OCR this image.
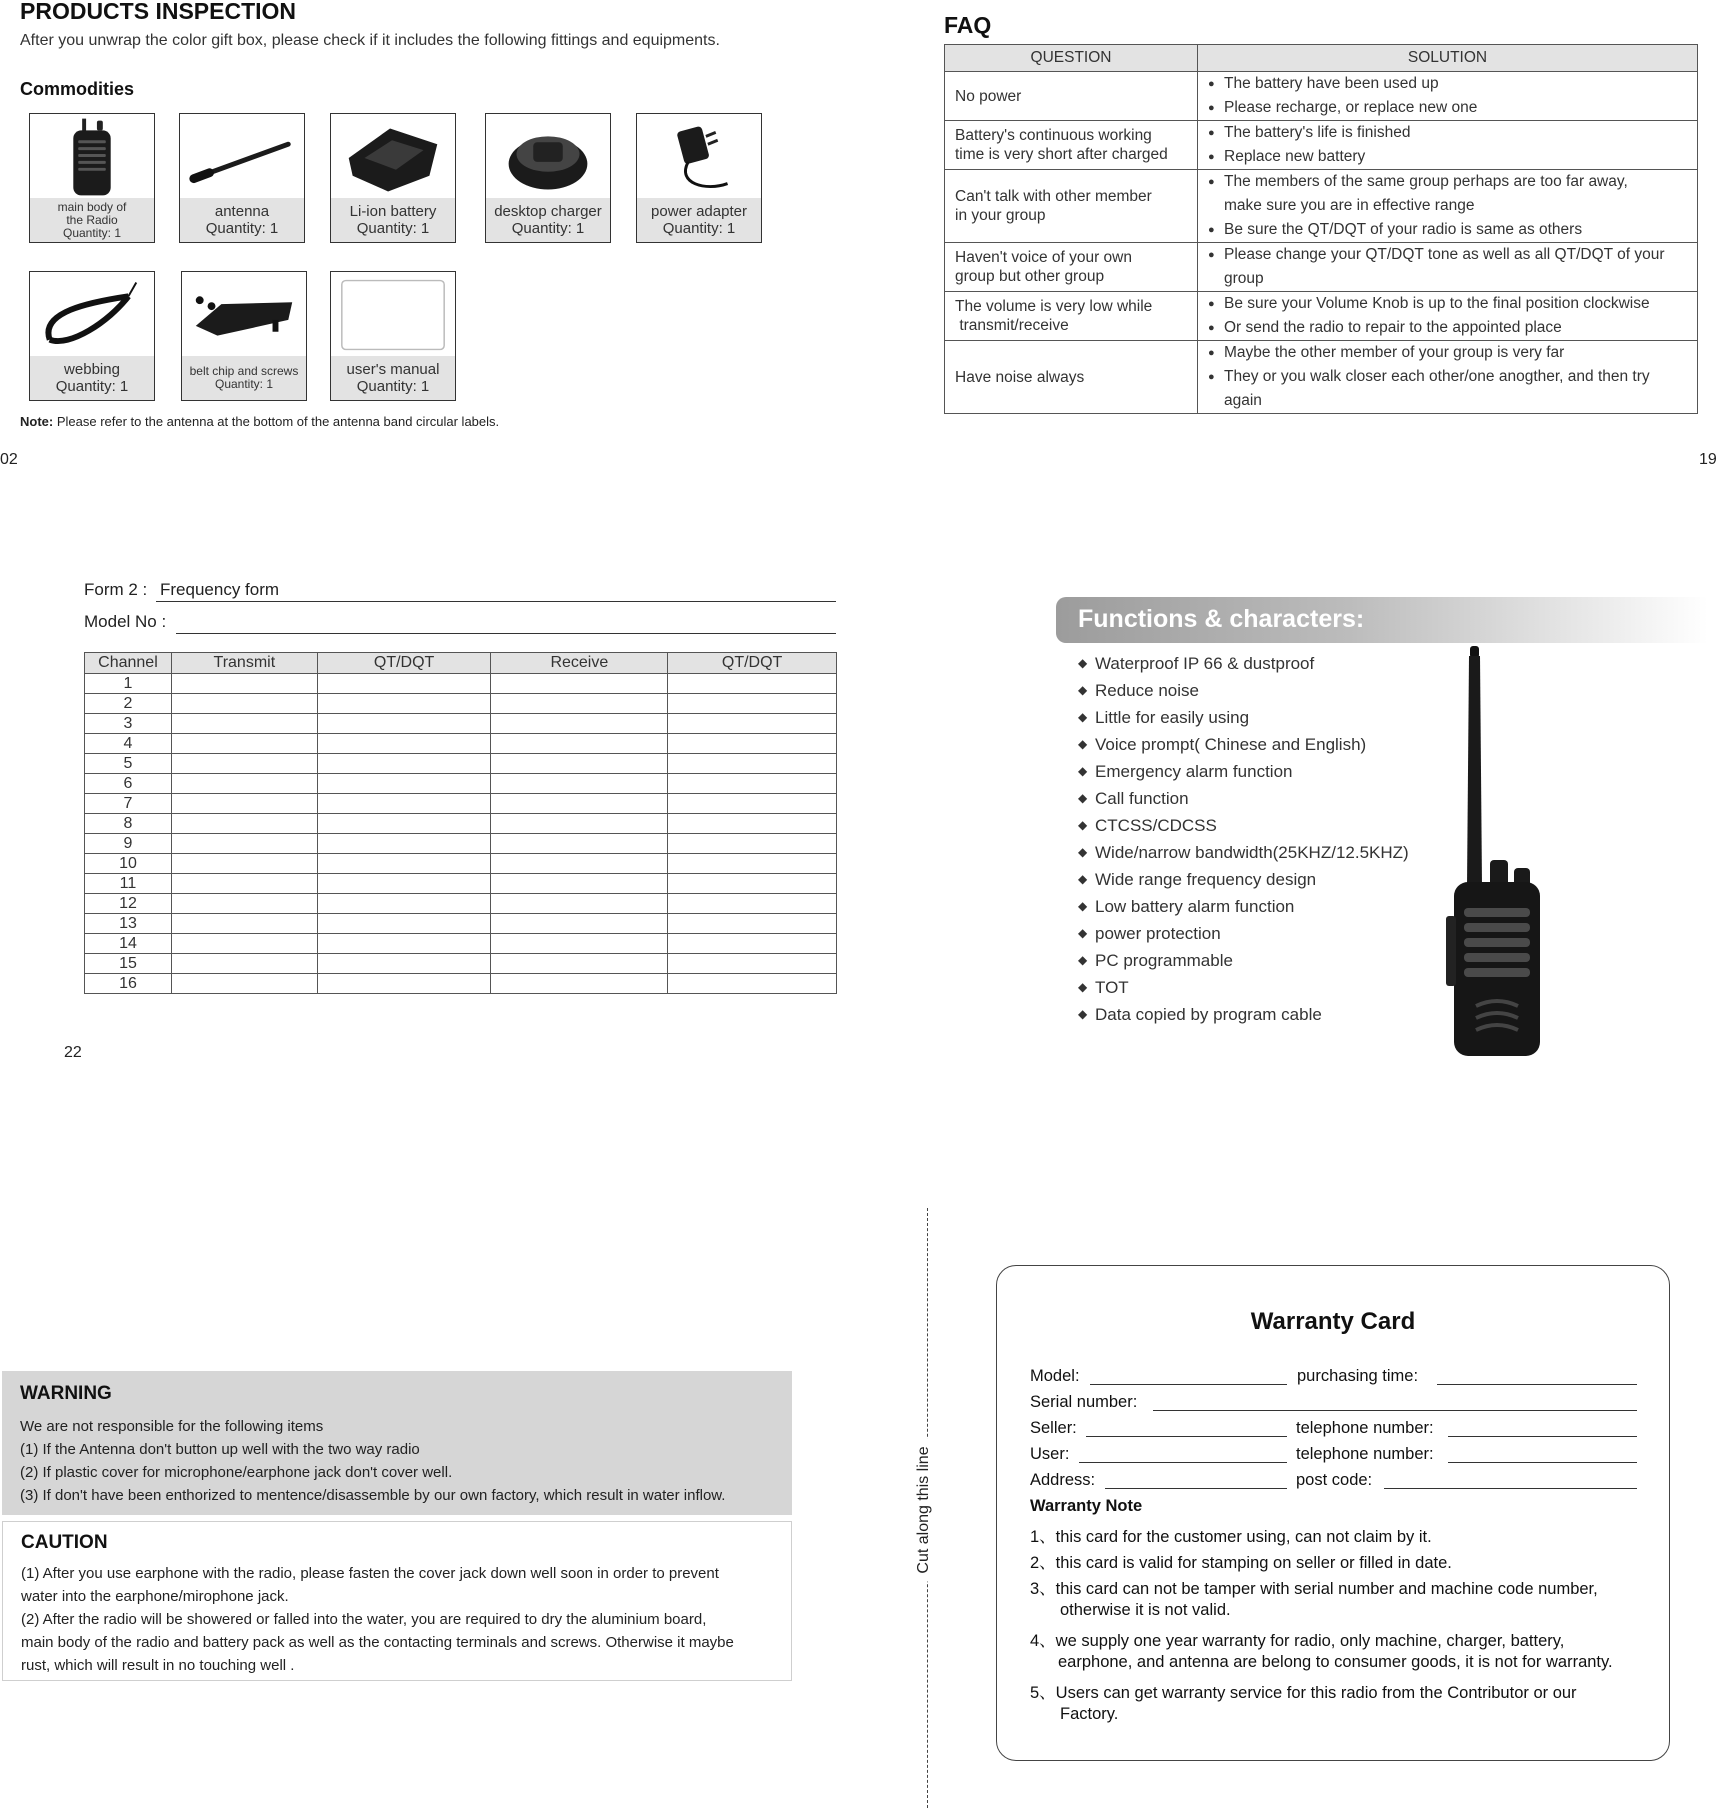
PRODUCTS INSPECTION
After you unwrap the color gift box, please check if it includes the following fittings and equipments.
Commodities
main body of
the Radio
Quantity: 1
antenna
Quantity: 1
Li-ion battery
Quantity: 1
desktop charger
Quantity: 1
power adapter
Quantity: 1
webbing
Quantity: 1
belt chip and screws
Quantity: 1
user's manual
Quantity: 1
Note: Please refer to the antenna at the bottom of the antenna band circular labels.
02
FAQ
QUESTION	SOLUTION
No power	● The battery have been used up
● Please recharge, or replace new one

Battery's continuous working
time is very short after charged	● The battery's life is finished
● Replace new battery

Can't talk with other member
in your group	● The members of the same group perhaps are too far away,
make sure you are in effective range
● Be sure the QT/DQT of your radio is same as others

Haven't voice of your own
group but other group	● Please change your QT/DQT tone as well as all QT/DQT of your
group

The volume is very low while
transmit/receive	● Be sure your Volume Knob is up to the final position clockwise
● Or send the radio to repair to the appointed place

Have noise always	● Maybe the other member of your group is very far
● They or you walk closer each other/one anogther, and then try
again
19
Form 2 : Frequency form
Model No :
Channel	Transmit	QT/DQT	Receive	QT/DQT
1				
2				
3				
4				
5				
6				
7				
8				
9				
10				
11				
12				
13				
14				
15				
16				
22
Functions & characters:
◆ Waterproof IP 66 & dustproof
◆ Reduce noise
◆ Little for easily using
◆ Voice prompt( Chinese and English)
◆ Emergency alarm function
◆ Call function
◆ CTCSS/CDCSS
◆ Wide/narrow bandwidth(25KHZ/12.5KHZ)
◆ Wide range frequency design
◆ Low battery alarm function
◆ power protection
◆ PC programmable
◆ TOT
◆ Data copied by program cable
WARNING
We are not responsible for the following items
(1) If the Antenna don't button up well with the two way radio
(2) If plastic cover for microphone/earphone jack don't cover well.
(3) If don't have been enthorized to mentence/disassemble by our own factory, which result in water inflow.
CAUTION
(1) After you use earphone with the radio, please fasten the cover jack down well soon in order to prevent
water into the earphone/mirophone jack.
(2) After the radio will be showered or falled into the water, you are required to dry the aluminium board,
main body of the radio and battery pack as well as the contacting terminals and screws. Otherwise it maybe
rust, which will result in no touching well .
Cut along this line
Warranty Card
Model:	purchasing time:
Serial number:
Seller:	telephone number:
User:	telephone number:
Address:	post code:
Warranty Note
1、this card for the customer using, can not claim by it.
2、this card is valid for stamping on seller or filled in date.
3、this card can not be tamper with serial number and machine code number,
otherwise it is not valid.
4、we supply one year warranty for radio, only machine, charger, battery,
earphone, and antenna are belong to consumer goods, it is not for warranty.
5、Users can get warranty service for this radio from the Contributor or our
Factory.
